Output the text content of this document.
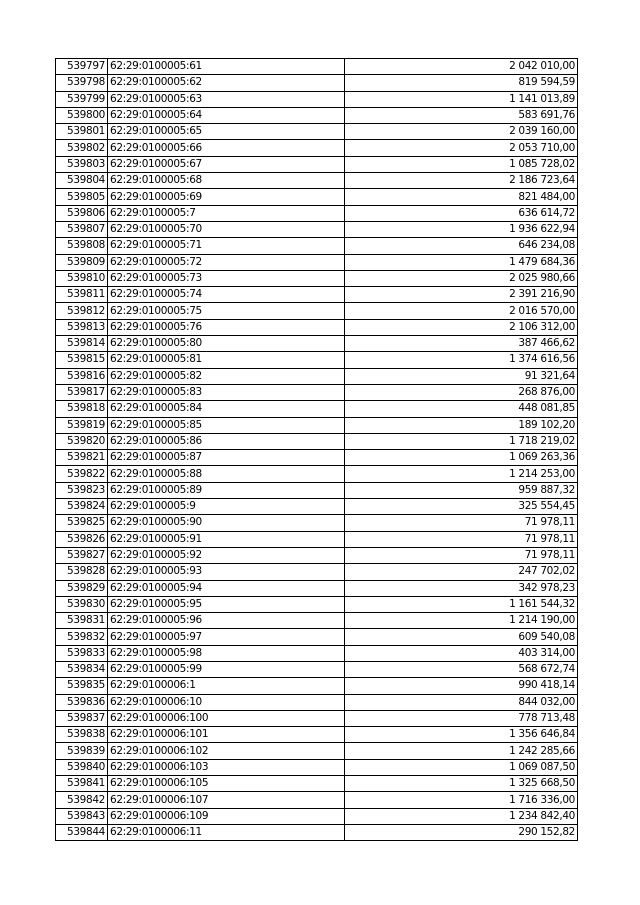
539797	62:29:0100005:61	2 042 010,00
539798	62:29:0100005:62	819 594,59
539799	62:29:0100005:63	1 141 013,89
539800	62:29:0100005:64	583 691,76
539801	62:29:0100005:65	2 039 160,00
539802	62:29:0100005:66	2 053 710,00
539803	62:29:0100005:67	1 085 728,02
539804	62:29:0100005:68	2 186 723,64
539805	62:29:0100005:69	821 484,00
539806	62:29:0100005:7	636 614,72
539807	62:29:0100005:70	1 936 622,94
539808	62:29:0100005:71	646 234,08
539809	62:29:0100005:72	1 479 684,36
539810	62:29:0100005:73	2 025 980,66
539811	62:29:0100005:74	2 391 216,90
539812	62:29:0100005:75	2 016 570,00
539813	62:29:0100005:76	2 106 312,00
539814	62:29:0100005:80	387 466,62
539815	62:29:0100005:81	1 374 616,56
539816	62:29:0100005:82	91 321,64
539817	62:29:0100005:83	268 876,00
539818	62:29:0100005:84	448 081,85
539819	62:29:0100005:85	189 102,20
539820	62:29:0100005:86	1 718 219,02
539821	62:29:0100005:87	1 069 263,36
539822	62:29:0100005:88	1 214 253,00
539823	62:29:0100005:89	959 887,32
539824	62:29:0100005:9	325 554,45
539825	62:29:0100005:90	71 978,11
539826	62:29:0100005:91	71 978,11
539827	62:29:0100005:92	71 978,11
539828	62:29:0100005:93	247 702,02
539829	62:29:0100005:94	342 978,23
539830	62:29:0100005:95	1 161 544,32
539831	62:29:0100005:96	1 214 190,00
539832	62:29:0100005:97	609 540,08
539833	62:29:0100005:98	403 314,00
539834	62:29:0100005:99	568 672,74
539835	62:29:0100006:1	990 418,14
539836	62:29:0100006:10	844 032,00
539837	62:29:0100006:100	778 713,48
539838	62:29:0100006:101	1 356 646,84
539839	62:29:0100006:102	1 242 285,66
539840	62:29:0100006:103	1 069 087,50
539841	62:29:0100006:105	1 325 668,50
539842	62:29:0100006:107	1 716 336,00
539843	62:29:0100006:109	1 234 842,40
539844	62:29:0100006:11	290 152,82
